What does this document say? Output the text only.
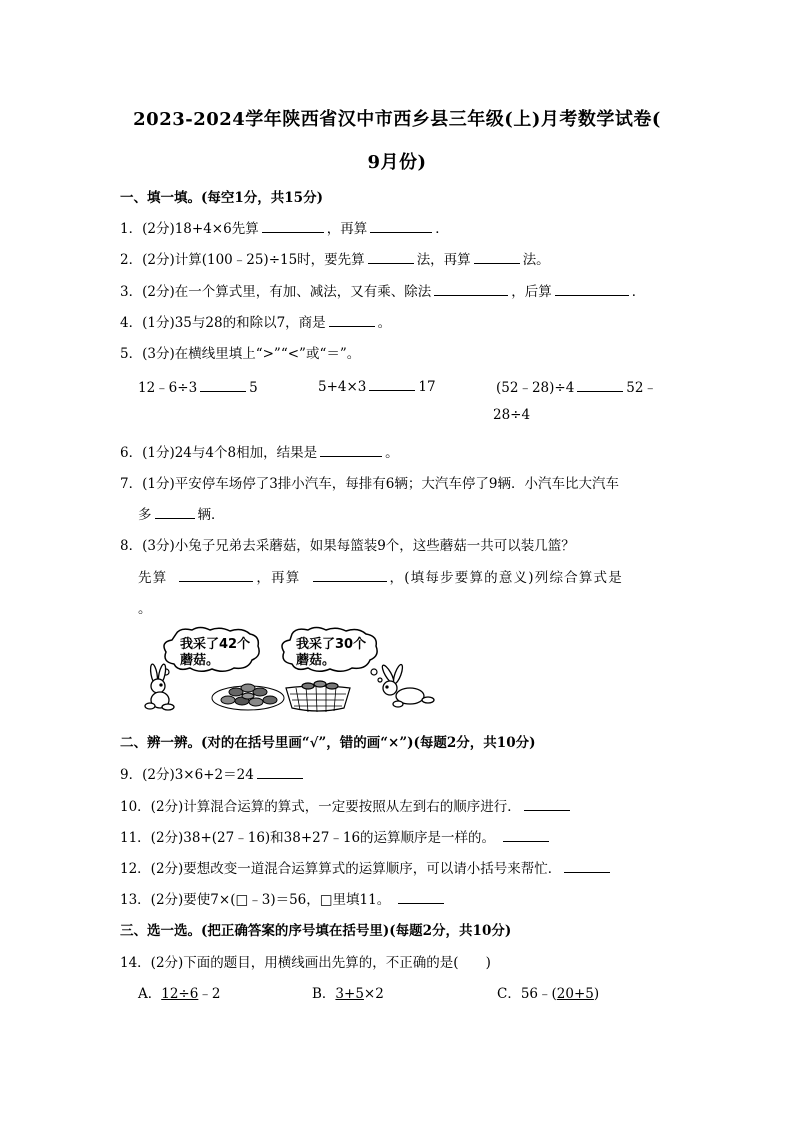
2023-2024学年陕西省汉中市西乡县三年级(上)月考数学试卷(
9月份)
一、填一填。(每空1分，共15分)
1．(2分)18+4×6先算	，再算	．
2．(2分)计算(100﹣25)÷15时，要先算	法，再算	法。
3．(2分)在一个算式里，有加、减法，又有乘、除法	，后算	．
4．(1分)35与28的和除以7，商是	。
5．(3分)在横线里填上“>”“<”或“＝”。
12﹣6÷3	5	5+4×3	17	(52﹣28)÷4	52﹣
28÷4
6．(1分)24与4个8相加，结果是	。
7．(1分)平安停车场停了3排小汽车，每排有6辆；大汽车停了9辆．小汽车比大汽车
多	辆．
8．(3分)小兔子兄弟去采蘑菇，如果每篮装9个，这些蘑菇一共可以装几篮？
先算	，再算	，(填每步要算的意义)列综合算式是
。
我采了42个
蘑菇。
我采了30个
蘑菇。
二、辨一辨。(对的在括号里画“√”，错的画“×”)(每题2分，共10分)
9．(2分)3×6+2＝24
10．(2分)计算混合运算的算式，一定要按照从左到右的顺序进行．
11．(2分)38+(27﹣16)和38+27﹣16的运算顺序是一样的。
12．(2分)要想改变一道混合运算算式的运算顺序，可以请小括号来帮忙．
13．(2分)要使7×(□﹣3)＝56，□里填11。
三、选一选。(把正确答案的序号填在括号里)(每题2分，共10分)
14．(2分)下面的题目，用横线画出先算的，不正确的是(　　)
A．12÷6﹣2	B．3+5×2	C．56﹣(20+5)
